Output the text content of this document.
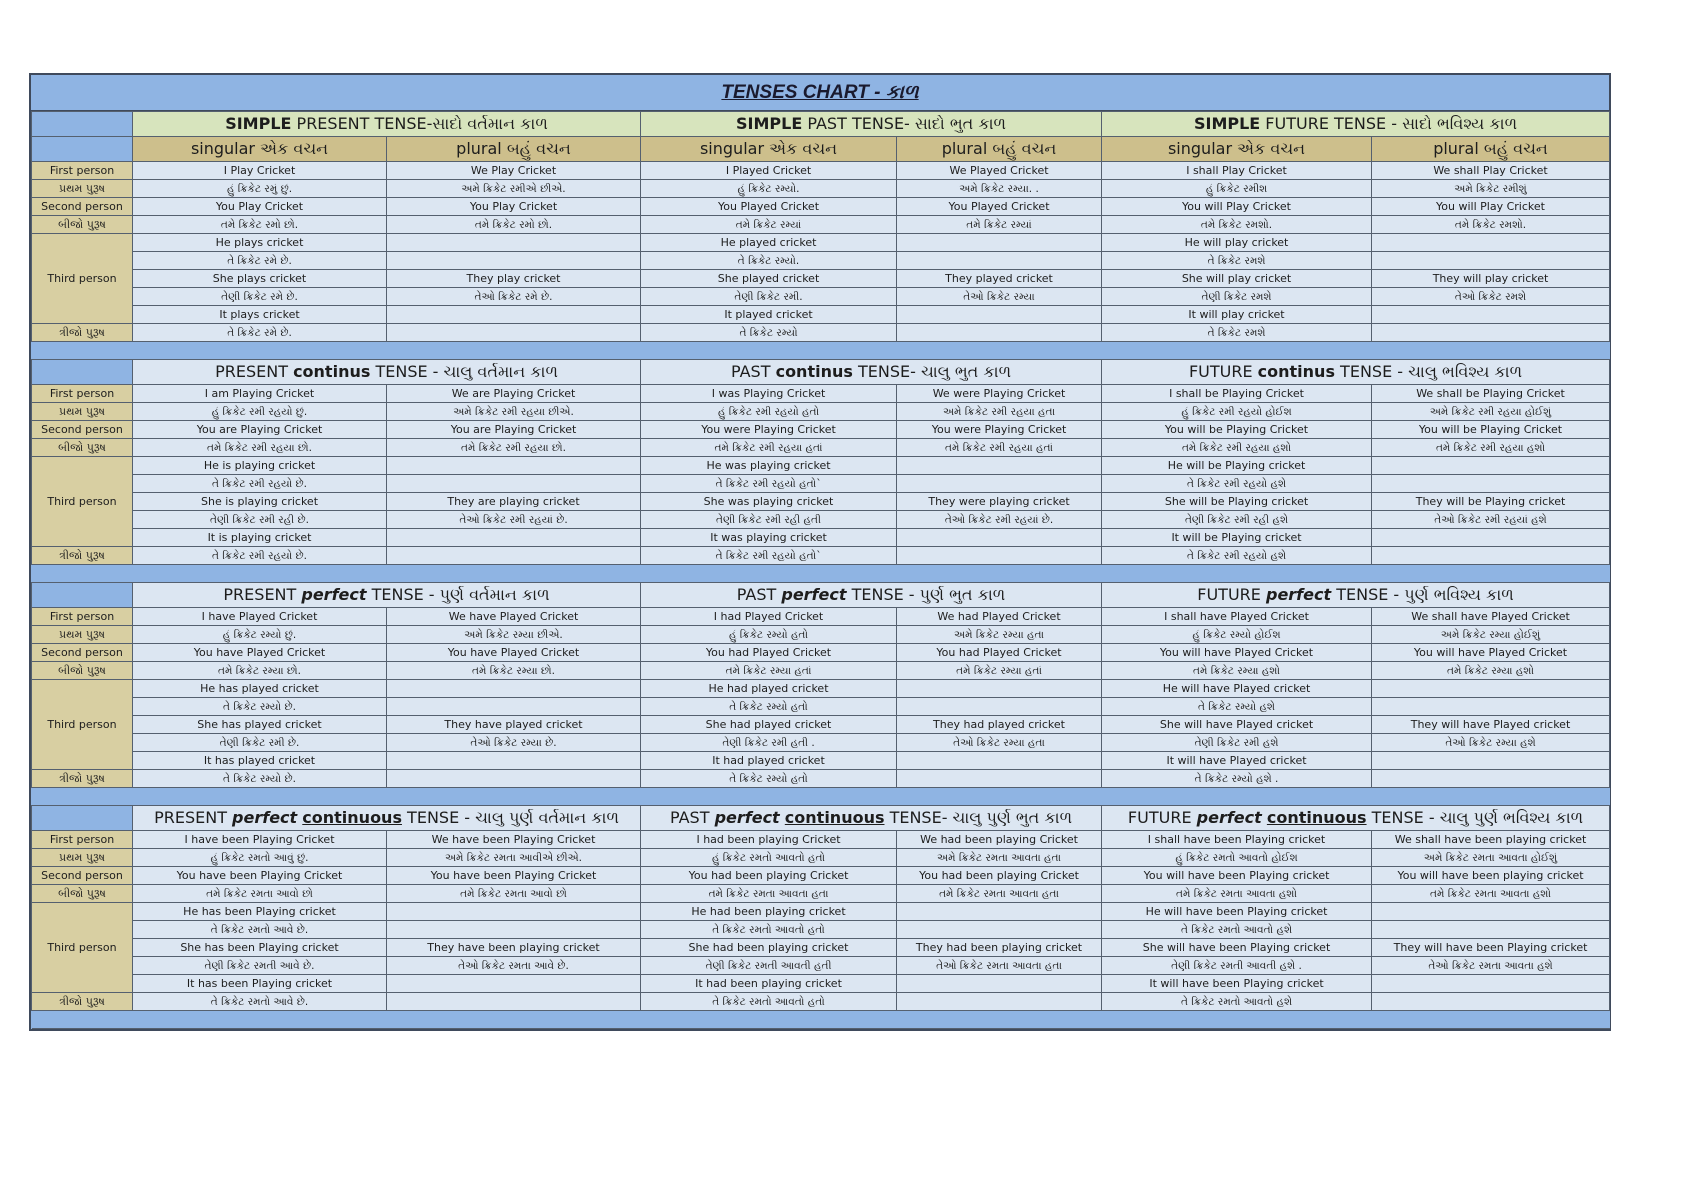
TENSES CHART - કાળ
	SIMPLE PRESENT TENSE-સાદો વર્તમાન કાળ		SIMPLE PAST TENSE- સાદો ભુત કાળ		SIMPLE FUTURE TENSE - સાદો ભવિશ્ય કાળ	
	singular એક વચન	plural બહું વચન	singular એક વચન	plural બહું વચન	singular એક વચન	plural બહું વચન
First person	I Play Cricket	We Play Cricket	I Played Cricket	We Played Cricket	I shall Play Cricket	We shall Play Cricket
પ્રથમ પુરૂષ	હું ક્રિકેટ રમું છું.	અમે ક્રિકેટ રમીએ છીએ.	હું ક્રિકેટ રમ્યો.	અમે ક્રિકેટ રમ્યા. .	હું ક્રિકેટ રમીશ	અમે ક્રિકેટ રમીશું
Second person	You Play Cricket	You Play Cricket	You Played Cricket	You Played Cricket	You will Play Cricket	You will Play Cricket
બીજો પુરૂષ	તમે ક્રિકેટ રમો છો.	તમે ક્રિકેટ રમો છો.	તમે ક્રિકેટ રમ્યાં	તમે ક્રિકેટ રમ્યાં	તમે ક્રિકેટ રમશો.	તમે ક્રિકેટ રમશો.
Third person	He plays cricket		He played cricket		He will play cricket	
	તે ક્રિકેટ રમે છે.		તે ક્રિકેટ રમ્યો.		તે ક્રિકેટ રમશે	
	She plays cricket	They play cricket	She played cricket	They played cricket	She will play cricket	They will play cricket
	તેણી ક્રિકેટ રમે છે.	તેઓ ક્રિકેટ રમે છે.	તેણી ક્રિકેટ રમી.	તેઓ ક્રિકેટ રમ્યા	તેણી ક્રિકેટ રમશે	તેઓ ક્રિકેટ રમશે
	It plays cricket		It played cricket		It will play cricket	
ત્રીજો પુરૂષ	તે ક્રિકેટ રમે છે.		તે ક્રિકેટ રમ્યો		તે ક્રિકેટ રમશે	

	PRESENT continus TENSE - ચાલુ વર્તમાન કાળ		PAST continus TENSE- ચાલુ ભુત કાળ		FUTURE continus TENSE - ચાલુ ભવિશ્ય કાળ	
First person	I am Playing Cricket	We are Playing Cricket	I was Playing Cricket	We were Playing Cricket	I shall be Playing Cricket	We shall be Playing Cricket
પ્રથમ પુરૂષ	હું ક્રિકેટ રમી રહયો છું.	અમે ક્રિકેટ રમી રહયા છીએ.	હું ક્રિકેટ રમી રહયો હતો	અમે ક્રિકેટ રમી રહયા હતા	હું ક્રિકેટ રમી રહયો હોઈશ	અમે ક્રિકેટ રમી રહયા હોઈશું
Second person	You are Playing Cricket	You are Playing Cricket	You were Playing Cricket	You were Playing Cricket	You will be Playing Cricket	You will be Playing Cricket
બીજો પુરૂષ	તમે ક્રિકેટ રમી રહયા છો.	તમે ક્રિકેટ રમી રહયા છો.	તમે ક્રિકેટ રમી રહયા હતાં	તમે ક્રિકેટ રમી રહયા હતાં	તમે ક્રિકેટ રમી રહયા હશો	તમે ક્રિકેટ રમી રહયા હશો
Third person	He is playing cricket		He was playing cricket		He will be Playing cricket	
	તે ક્રિકેટ રમી રહયો છે.		તે ક્રિકેટ રમી રહયો હતો`		તે ક્રિકેટ રમી રહયો હશે	
	She is playing cricket	They are playing cricket	She was playing cricket	They were playing cricket	She will be Playing cricket	They will be Playing cricket
	તેણી ક્રિકેટ રમી રહી છે.	તેઓ ક્રિકેટ રમી રહયાં છે.	તેણી ક્રિકેટ રમી રહી હતી	તેઓ ક્રિકેટ રમી રહયાં છે.	તેણી ક્રિકેટ રમી રહી હશે	તેઓ ક્રિકેટ રમી રહયાં હશે
	It is playing cricket		It was playing cricket		It will be Playing cricket	
ત્રીજો પુરૂષ	તે ક્રિકેટ રમી રહયો છે.		તે ક્રિકેટ રમી રહયો હતો`		તે ક્રિકેટ રમી રહયો હશે	

	PRESENT perfect TENSE - પુર્ણ વર્તમાન કાળ		PAST perfect TENSE - પુર્ણ ભુત કાળ		FUTURE perfect TENSE - પુર્ણ ભવિશ્ય કાળ	
First person	I have Played Cricket	We have Played Cricket	I had Played Cricket	We had Played Cricket	I shall have Played Cricket	We shall have Played Cricket
પ્રથમ પુરૂષ	હું ક્રિકેટ રમ્યો છું.	અમે ક્રિકેટ રમ્યા છીએ.	હું ક્રિકેટ રમ્યો હતો	અમે ક્રિકેટ રમ્યા હતા	હું ક્રિકેટ રમ્યો હોઈશ	અમે ક્રિકેટ રમ્યા હોઈશું
Second person	You have Played Cricket	You have Played Cricket	You had Played Cricket	You had Played Cricket	You will have Played Cricket	You will have Played Cricket
બીજો પુરૂષ	તમે ક્રિકેટ રમ્યા છો.	તમે ક્રિકેટ રમ્યા છો.	તમે ક્રિકેટ રમ્યા હતાં	તમે ક્રિકેટ રમ્યા હતાં	તમે ક્રિકેટ રમ્યા હશો	તમે ક્રિકેટ રમ્યા હશો
Third person	He has played cricket		He had played cricket		He will have Played cricket	
	તે ક્રિકેટ રમ્યો છે.		તે ક્રિકેટ રમ્યો હતો		તે ક્રિકેટ રમ્યો હશે	
	She has played cricket	They have played cricket	She had played cricket	They had played cricket	She will have Played cricket	They will have Played cricket
	તેણી ક્રિકેટ રમી છે.	તેઓ ક્રિકેટ રમ્યા છે.	તેણી ક્રિકેટ રમી હતી .	તેઓ ક્રિકેટ રમ્યા હતા	તેણી ક્રિકેટ રમી હશે	તેઓ ક્રિકેટ રમ્યા હશે
	It has played cricket		It had played cricket		It will have Played cricket	
ત્રીજો પુરૂષ	તે ક્રિકેટ રમ્યો છે.		તે ક્રિકેટ રમ્યો હતો		તે ક્રિકેટ રમ્યો હશે .	

	PRESENT perfect continuous TENSE - ચાલુ પુર્ણ વર્તમાન કાળ		PAST perfect continuous TENSE- ચાલુ પુર્ણ ભુત કાળ		FUTURE perfect continuous TENSE - ચાલુ પુર્ણ ભવિશ્ય કાળ	
First person	I have been Playing Cricket	We have been Playing Cricket	I had been playing Cricket	We had been playing Cricket	I shall have been Playing cricket	We shall have been playing cricket
પ્રથમ પુરૂષ	હું ક્રિકેટ રમતો આવું છું.	અમે ક્રિકેટ રમતા આવીએ છીએ.	હું ક્રિકેટ રમતો આવતો હતો	અમે ક્રિકેટ રમતા આવતા હતા	હું ક્રિકેટ રમતો આવતો હોઈશ	અમે ક્રિકેટ રમતા આવતા હોઈશું
Second person	You have been Playing Cricket	You have been Playing Cricket	You had been playing Cricket	You had been playing Cricket	You will have been Playing cricket	You will have been playing cricket
બીજો પુરૂષ	તમે ક્રિકેટ રમતા આવો છો	તમે ક્રિકેટ રમતા આવો છો	તમે ક્રિકેટ રમતા આવતા હતા	તમે ક્રિકેટ રમતા આવતા હતા	તમે ક્રિકેટ રમતા આવતા હશો	તમે ક્રિકેટ રમતા આવતા હશો
Third person	He has been Playing cricket		He had been playing cricket		He will have been Playing cricket	
	તે ક્રિકેટ રમતો આવે છે.		તે ક્રિકેટ રમતો આવતો હતો		તે ક્રિકેટ રમતો આવતો હશે	
	She has been Playing cricket	They have been playing cricket	She had been playing cricket	They had been playing cricket	She will have been Playing cricket	They will have been Playing cricket
	તેણી ક્રિકેટ રમતી આવે છે.	તેઓ ક્રિકેટ રમતા આવે છે.	તેણી ક્રિકેટ રમતી આવતી હતી	તેઓ ક્રિકેટ રમતા આવતા હતા	તેણી ક્રિકેટ રમતી આવતી હશે .	તેઓ ક્રિકેટ રમતા આવતા હશે
	It has been Playing cricket		It had been playing cricket		It will have been Playing cricket	
ત્રીજો પુરૂષ	તે ક્રિકેટ રમતો આવે છે.		તે ક્રિકેટ રમતો આવતો હતો		તે ક્રિકેટ રમતો આવતો હશે	
